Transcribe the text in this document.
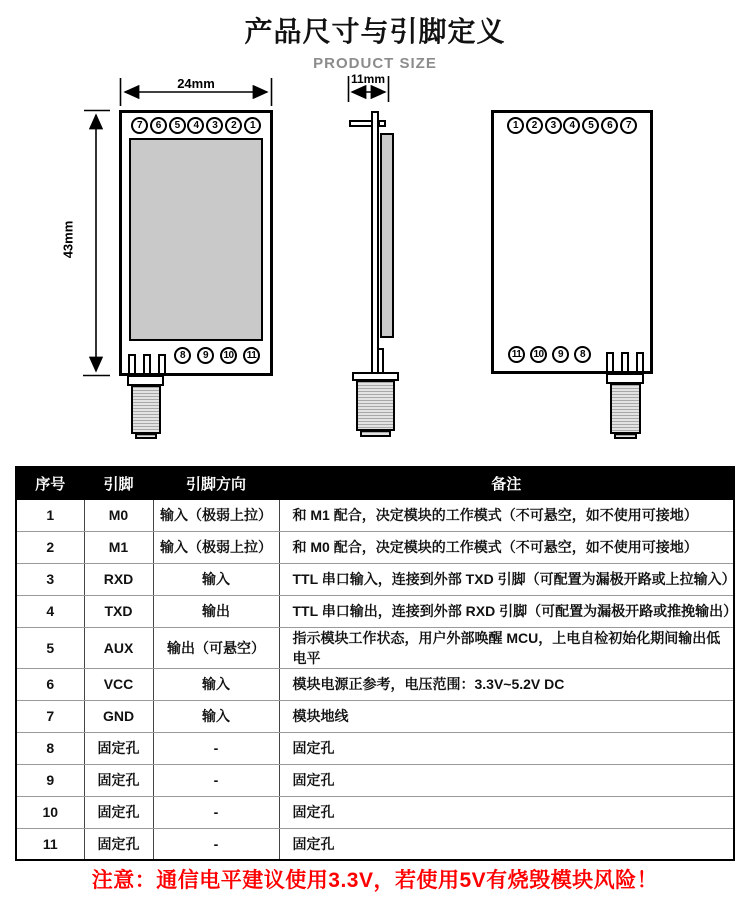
产品尺寸与引脚定义
PRODUCT SIZE
24mm
43mm
11mm
7	6	5	4	3	2	1
8	9	10	11
1	2	3	4	5	6	7
11	10	9	8
序号	引脚	引脚方向	备注
1	M0	输入（极弱上拉）	和 M1 配合，决定模块的工作模式（不可悬空，如不使用可接地）
2	M1	输入（极弱上拉）	和 M0 配合，决定模块的工作模式（不可悬空，如不使用可接地）
3	RXD	输入	TTL 串口输入，连接到外部 TXD 引脚（可配置为漏极开路或上拉输入）
4	TXD	输出	TTL 串口输出，连接到外部 RXD 引脚（可配置为漏极开路或推挽输出）
5	AUX	输出（可悬空）	指示模块工作状态，用户外部唤醒 MCU，上电自检初始化期间输出低电平
6	VCC	输入	模块电源正参考，电压范围：3.3V~5.2V DC
7	GND	输入	模块地线
8	固定孔	-	固定孔
9	固定孔	-	固定孔
10	固定孔	-	固定孔
11	固定孔	-	固定孔
注意：通信电平建议使用3.3V，若使用5V有烧毁模块风险！
